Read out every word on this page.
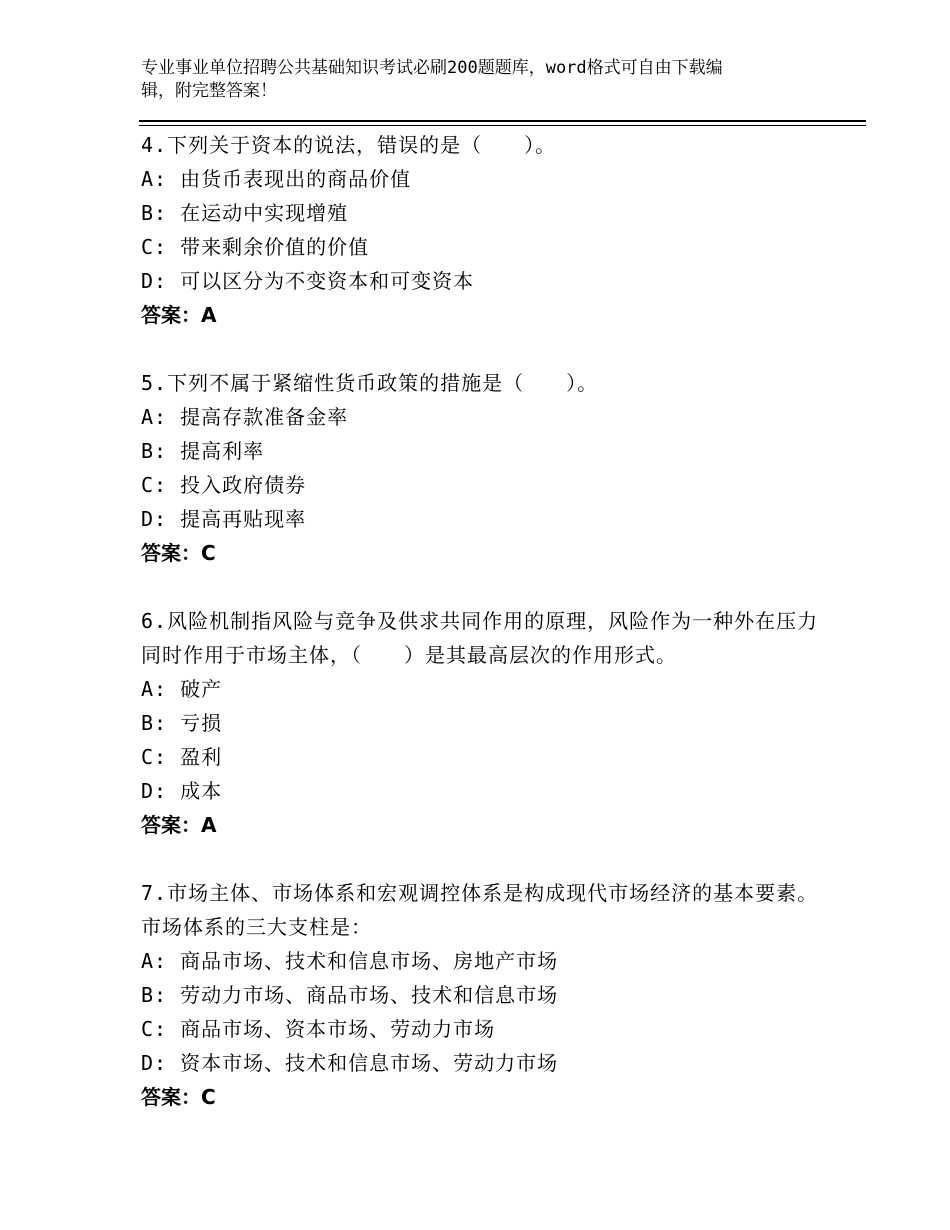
专业事业单位招聘公共基础知识考试必刷200题题库，word格式可自由下载编
辑，附完整答案！
4.下列关于资本的说法，错误的是（　　）。
A: 由货币表现出的商品价值
B: 在运动中实现增殖
C: 带来剩余价值的价值
D: 可以区分为不变资本和可变资本
答案：A
5.下列不属于紧缩性货币政策的措施是（　　）。
A: 提高存款准备金率
B: 提高利率
C: 投入政府债券
D: 提高再贴现率
答案：C
6.风险机制指风险与竞争及供求共同作用的原理，风险作为一种外在压力同时作用于市场主体，（　　）是其最高层次的作用形式。
A: 破产
B: 亏损
C: 盈利
D: 成本
答案：A
7.市场主体、市场体系和宏观调控体系是构成现代市场经济的基本要素。市场体系的三大支柱是：
A: 商品市场、技术和信息市场、房地产市场
B: 劳动力市场、商品市场、技术和信息市场
C: 商品市场、资本市场、劳动力市场
D: 资本市场、技术和信息市场、劳动力市场
答案：C
